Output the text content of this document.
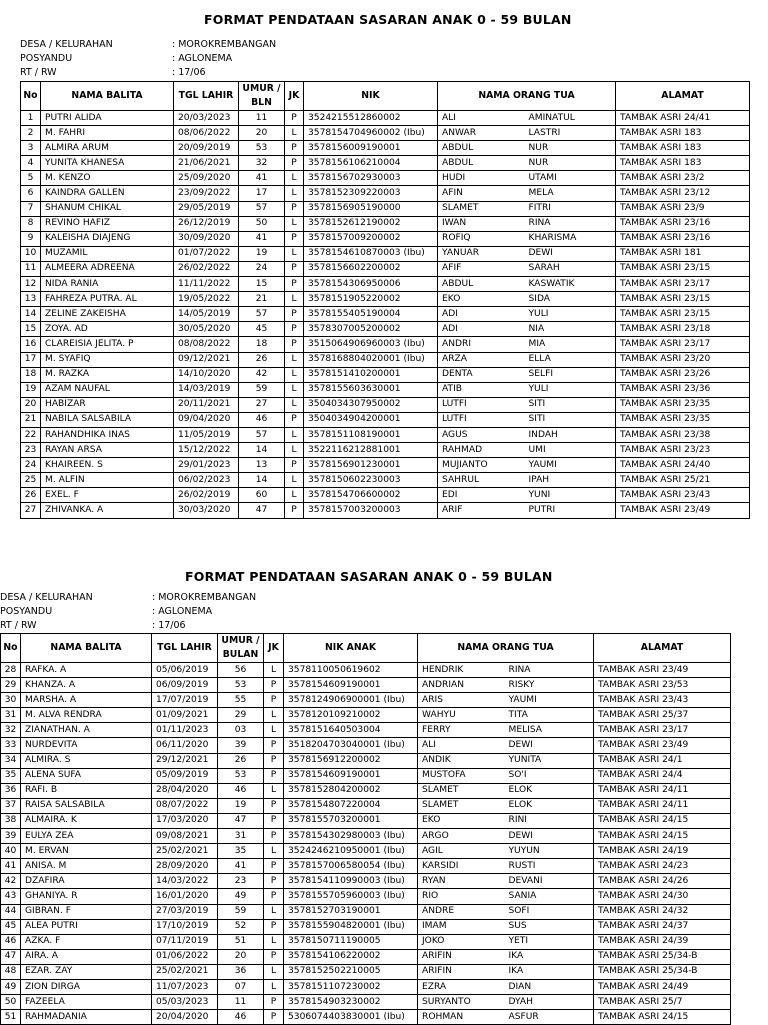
FORMAT PENDATAAN SASARAN ANAK 0 - 59 BULAN
DESA / KELURAHAN	: MOROKREMBANGAN
POSYANDU	: AGLONEMA
RT / RW	: 17/06
No	NAMA BALITA	TGL LAHIR	UMUR /
BLN	JK	NIK	NAMA ORANG TUA		ALAMAT
1	PUTRI ALIDA	20/03/2023	11	P	3524215512860002	ALI	AMINATUL	TAMBAK ASRI 24/41
2	M. FAHRI	08/06/2022	20	L	3578154704960002 (Ibu)	ANWAR	LASTRI	TAMBAK ASRI 183
3	ALMIRA ARUM	20/09/2019	53	P	3578156009190001	ABDUL	NUR	TAMBAK ASRI 183
4	YUNITA KHANESA	21/06/2021	32	P	3578156106210004	ABDUL	NUR	TAMBAK ASRI 183
5	M. KENZO	25/09/2020	41	L	3578156702930003	HUDI	UTAMI	TAMBAK ASRI 23/2
6	KAINDRA GALLEN	23/09/2022	17	L	3578152309220003	AFIN	MELA	TAMBAK ASRI 23/12
7	SHANUM CHIKAL	29/05/2019	57	P	3578156905190000	SLAMET	FITRI	TAMBAK ASRI 23/9
8	REVINO HAFIZ	26/12/2019	50	L	3578152612190002	IWAN	RINA	TAMBAK ASRI 23/16
9	KALEISHA DIAJENG	30/09/2020	41	P	3578157009200002	ROFIQ	KHARISMA	TAMBAK ASRI 23/16
10	MUZAMIL	01/07/2022	19	L	3578154610870003 (Ibu)	YANUAR	DEWI	TAMBAK ASRI 181
11	ALMEERA ADREENA	26/02/2022	24	P	3578156602200002	AFIF	SARAH	TAMBAK ASRI 23/15
12	NIDA RANIA	11/11/2022	15	P	3578154306950006	ABDUL	KASWATIK	TAMBAK ASRI 23/17
13	FAHREZA PUTRA. AL	19/05/2022	21	L	3578151905220002	EKO	SIDA	TAMBAK ASRI 23/15
14	ZELINE ZAKEISHA	14/05/2019	57	P	3578155405190004	ADI	YULI	TAMBAK ASRI 23/15
15	ZOYA. AD	30/05/2020	45	P	3578307005200002	ADI	NIA	TAMBAK ASRI 23/18
16	CLAREISIA JELITA. P	08/08/2022	18	P	3515064906960003 (Ibu)	ANDRI	MIA	TAMBAK ASRI 23/17
17	M. SYAFIQ	09/12/2021	26	L	3578168804020001 (Ibu)	ARZA	ELLA	TAMBAK ASRI 23/20
18	M. RAZKA	14/10/2020	42	L	3578151410200001	DENTA	SELFI	TAMBAK ASRI 23/26
19	AZAM NAUFAL	14/03/2019	59	L	3578155603630001	ATIB	YULI	TAMBAK ASRI 23/36
20	HABIZAR	20/11/2021	27	L	3504034307950002	LUTFI	SITI	TAMBAK ASRI 23/35
21	NABILA SALSABILA	09/04/2020	46	P	3504034904200001	LUTFI	SITI	TAMBAK ASRI 23/35
22	RAHANDHIKA INAS	11/05/2019	57	L	3578151108190001	AGUS	INDAH	TAMBAK ASRI 23/38
23	RAYAN ARSA	15/12/2022	14	L	3522116212881001	RAHMAD	UMI	TAMBAK ASRI 23/23
24	KHAIREEN. S	29/01/2023	13	P	3578156901230001	MUJIANTO	YAUMI	TAMBAK ASRI 24/40
25	M. ALFIN	06/02/2023	14	L	3578150602230003	SAHRUL	IPAH	TAMBAK ASRI 25/21
26	EXEL. F	26/02/2019	60	L	3578154706600002	EDI	YUNI	TAMBAK ASRI 23/43
27	ZHIVANKA. A	30/03/2020	47	P	3578157003200003	ARIF	PUTRI	TAMBAK ASRI 23/49
FORMAT PENDATAAN SASARAN ANAK 0 - 59 BULAN
DESA / KELURAHAN	: MOROKREMBANGAN
POSYANDU	: AGLONEMA
RT / RW	: 17/06
No	NAMA BALITA	TGL LAHIR	UMUR /
BULAN	JK	NIK ANAK	NAMA ORANG TUA		ALAMAT
28	RAFKA. A	05/06/2019	56	L	3578110050619602	HENDRIK	RINA	TAMBAK ASRI 23/49
29	KHANZA. A	06/09/2019	53	P	3578154609190001	ANDRIAN	RISKY	TAMBAK ASRI 23/53
30	MARSHA. A	17/07/2019	55	P	3578124906900001 (Ibu)	ARIS	YAUMI	TAMBAK ASRI 23/43
31	M. ALVA RENDRA	01/09/2021	29	L	3578120109210002	WAHYU	TITA	TAMBAK ASRI 25/37
32	ZIANATHAN. A	01/11/2023	03	L	3578151640503004	FERRY	MELISA	TAMBAK ASRI 23/17
33	NURDEVITA	06/11/2020	39	P	3518204703040001 (Ibu)	ALI	DEWI	TAMBAK ASRI 23/49
34	ALMIRA. S	29/12/2021	26	P	3578156912200002	ANDIK	YUNITA	TAMBAK ASRI 24/1
35	ALENA SUFA	05/09/2019	53	P	3578154609190001	MUSTOFA	SO'I	TAMBAK ASRI 24/4
36	RAFI. B	28/04/2020	46	L	3578152804200002	SLAMET	ELOK	TAMBAK ASRI 24/11
37	RAISA SALSABILA	08/07/2022	19	P	3578154807220004	SLAMET	ELOK	TAMBAK ASRI 24/11
38	ALMAIRA. K	17/03/2020	47	P	3578155703200001	EKO	RINI	TAMBAK ASRI 24/15
39	EULYA ZEA	09/08/2021	31	P	3578154302980003 (Ibu)	ARGO	DEWI	TAMBAK ASRI 24/15
40	M. ERVAN	25/02/2021	35	L	3524246210950001 (Ibu)	AGIL	YUYUN	TAMBAK ASRI 24/19
41	ANISA. M	28/09/2020	41	P	3578157006580054 (Ibu)	KARSIDI	RUSTI	TAMBAK ASRI 24/23
42	DZAFIRA	14/03/2022	23	P	3578154110990003 (Ibu)	RYAN	DEVANI	TAMBAK ASRI 24/26
43	GHANIYA. R	16/01/2020	49	P	3578155705960003 (Ibu)	RIO	SANIA	TAMBAK ASRI 24/30
44	GIBRAN. F	27/03/2019	59	L	3578152703190001	ANDRE	SOFI	TAMBAK ASRI 24/32
45	ALEA PUTRI	17/10/2019	52	P	3578155904820001 (Ibu)	IMAM	SUS	TAMBAK ASRI 24/37
46	AZKA. F	07/11/2019	51	L	3578150711190005	JOKO	YETI	TAMBAK ASRI 24/39
47	AIRA. A	01/06/2022	20	P	3578154106220002	ARIFIN	IKA	TAMBAK ASRI 25/34-B
48	EZAR. ZAY	25/02/2021	36	L	3578152502210005	ARIFIN	IKA	TAMBAK ASRI 25/34-B
49	ZION DIRGA	11/07/2023	07	L	3578151107230002	EZRA	DIAN	TAMBAK ASRI 24/49
50	FAZEELA	05/03/2023	11	P	3578154903230002	SURYANTO	DYAH	TAMBAK ASRI 25/7
51	RAHMADANIA	20/04/2020	46	P	5306074403830001 (Ibu)	ROHMAN	ASFUR	TAMBAK ASRI 24/15
